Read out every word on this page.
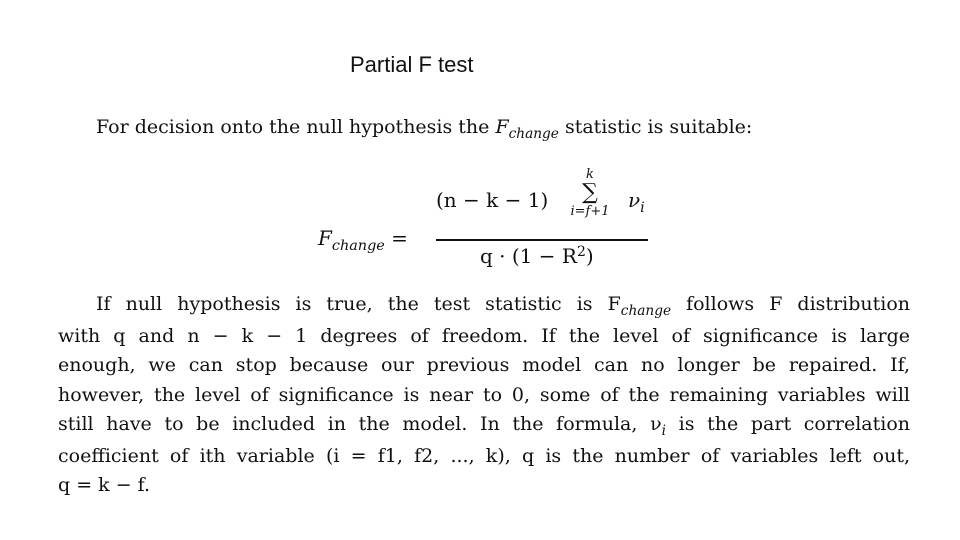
Partial F test
For decision onto the null hypothesis the $F_{change}$ statistic is suitable:
$F_{change}$ =
(n − k − 1)
k
∑
i=f+1 $\nu_i$
$q \cdot (1 - R^2)$
If null hypothesis is true, the test statistic is $F_{change}$ follows F distribution
with q and n − k − 1 degrees of freedom. If the level of significance is large
enough, we can stop because our previous model can no longer be repaired. If,
however, the level of significance is near to 0, some of the remaining variables will
still have to be included in the model. In the formula, $\nu_i$ is the part correlation
coefficient of ith variable (i = f1, f2, ..., k), q is the number of variables left out,
q = k − f.
